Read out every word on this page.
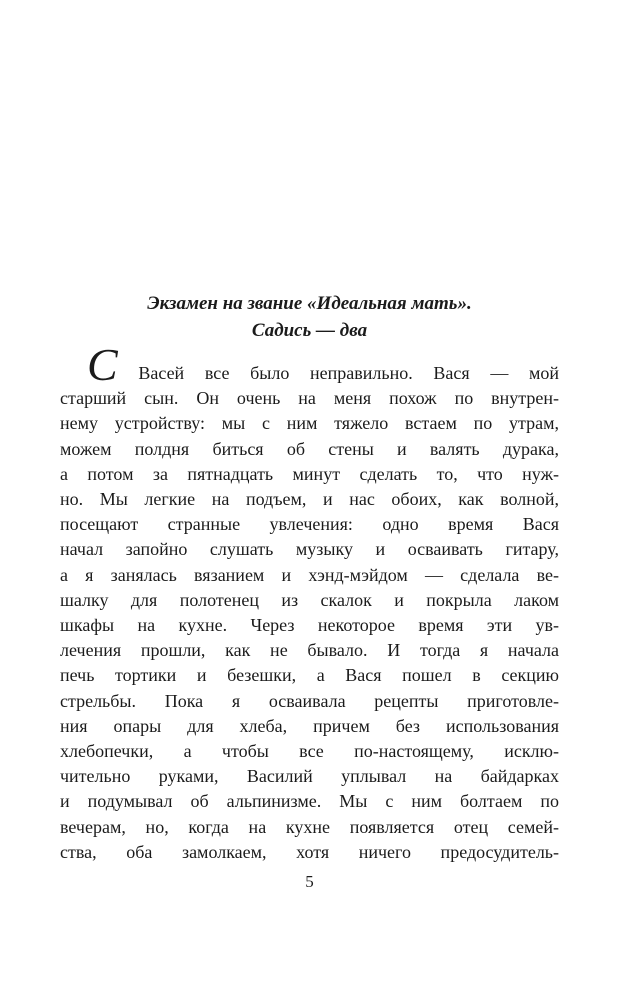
Экзамен на звание «Идеальная мать».
Садись — два
С Васей все было неправильно. Вася — мой
старший сын. Он очень на меня похож по внутрен-
нему устройству: мы с ним тяжело встаем по утрам,
можем полдня биться об стены и валять дурака,
а потом за пятнадцать минут сделать то, что нуж-
но. Мы легкие на подъем, и нас обоих, как волной,
посещают странные увлечения: одно время Вася
начал запойно слушать музыку и осваивать гитару,
а я занялась вязанием и хэнд-мэйдом — сделала ве-
шалку для полотенец из скалок и покрыла лаком
шкафы на кухне. Через некоторое время эти ув-
лечения прошли, как не бывало. И тогда я начала
печь тортики и безешки, а Вася пошел в секцию
стрельбы. Пока я осваивала рецепты приготовле-
ния опары для хлеба, причем без использования
хлебопечки, а чтобы все по-настоящему, исклю-
чительно руками, Василий уплывал на байдарках
и подумывал об альпинизме. Мы с ним болтаем по
вечерам, но, когда на кухне появляется отец семей-
ства, оба замолкаем, хотя ничего предосудитель-
5
